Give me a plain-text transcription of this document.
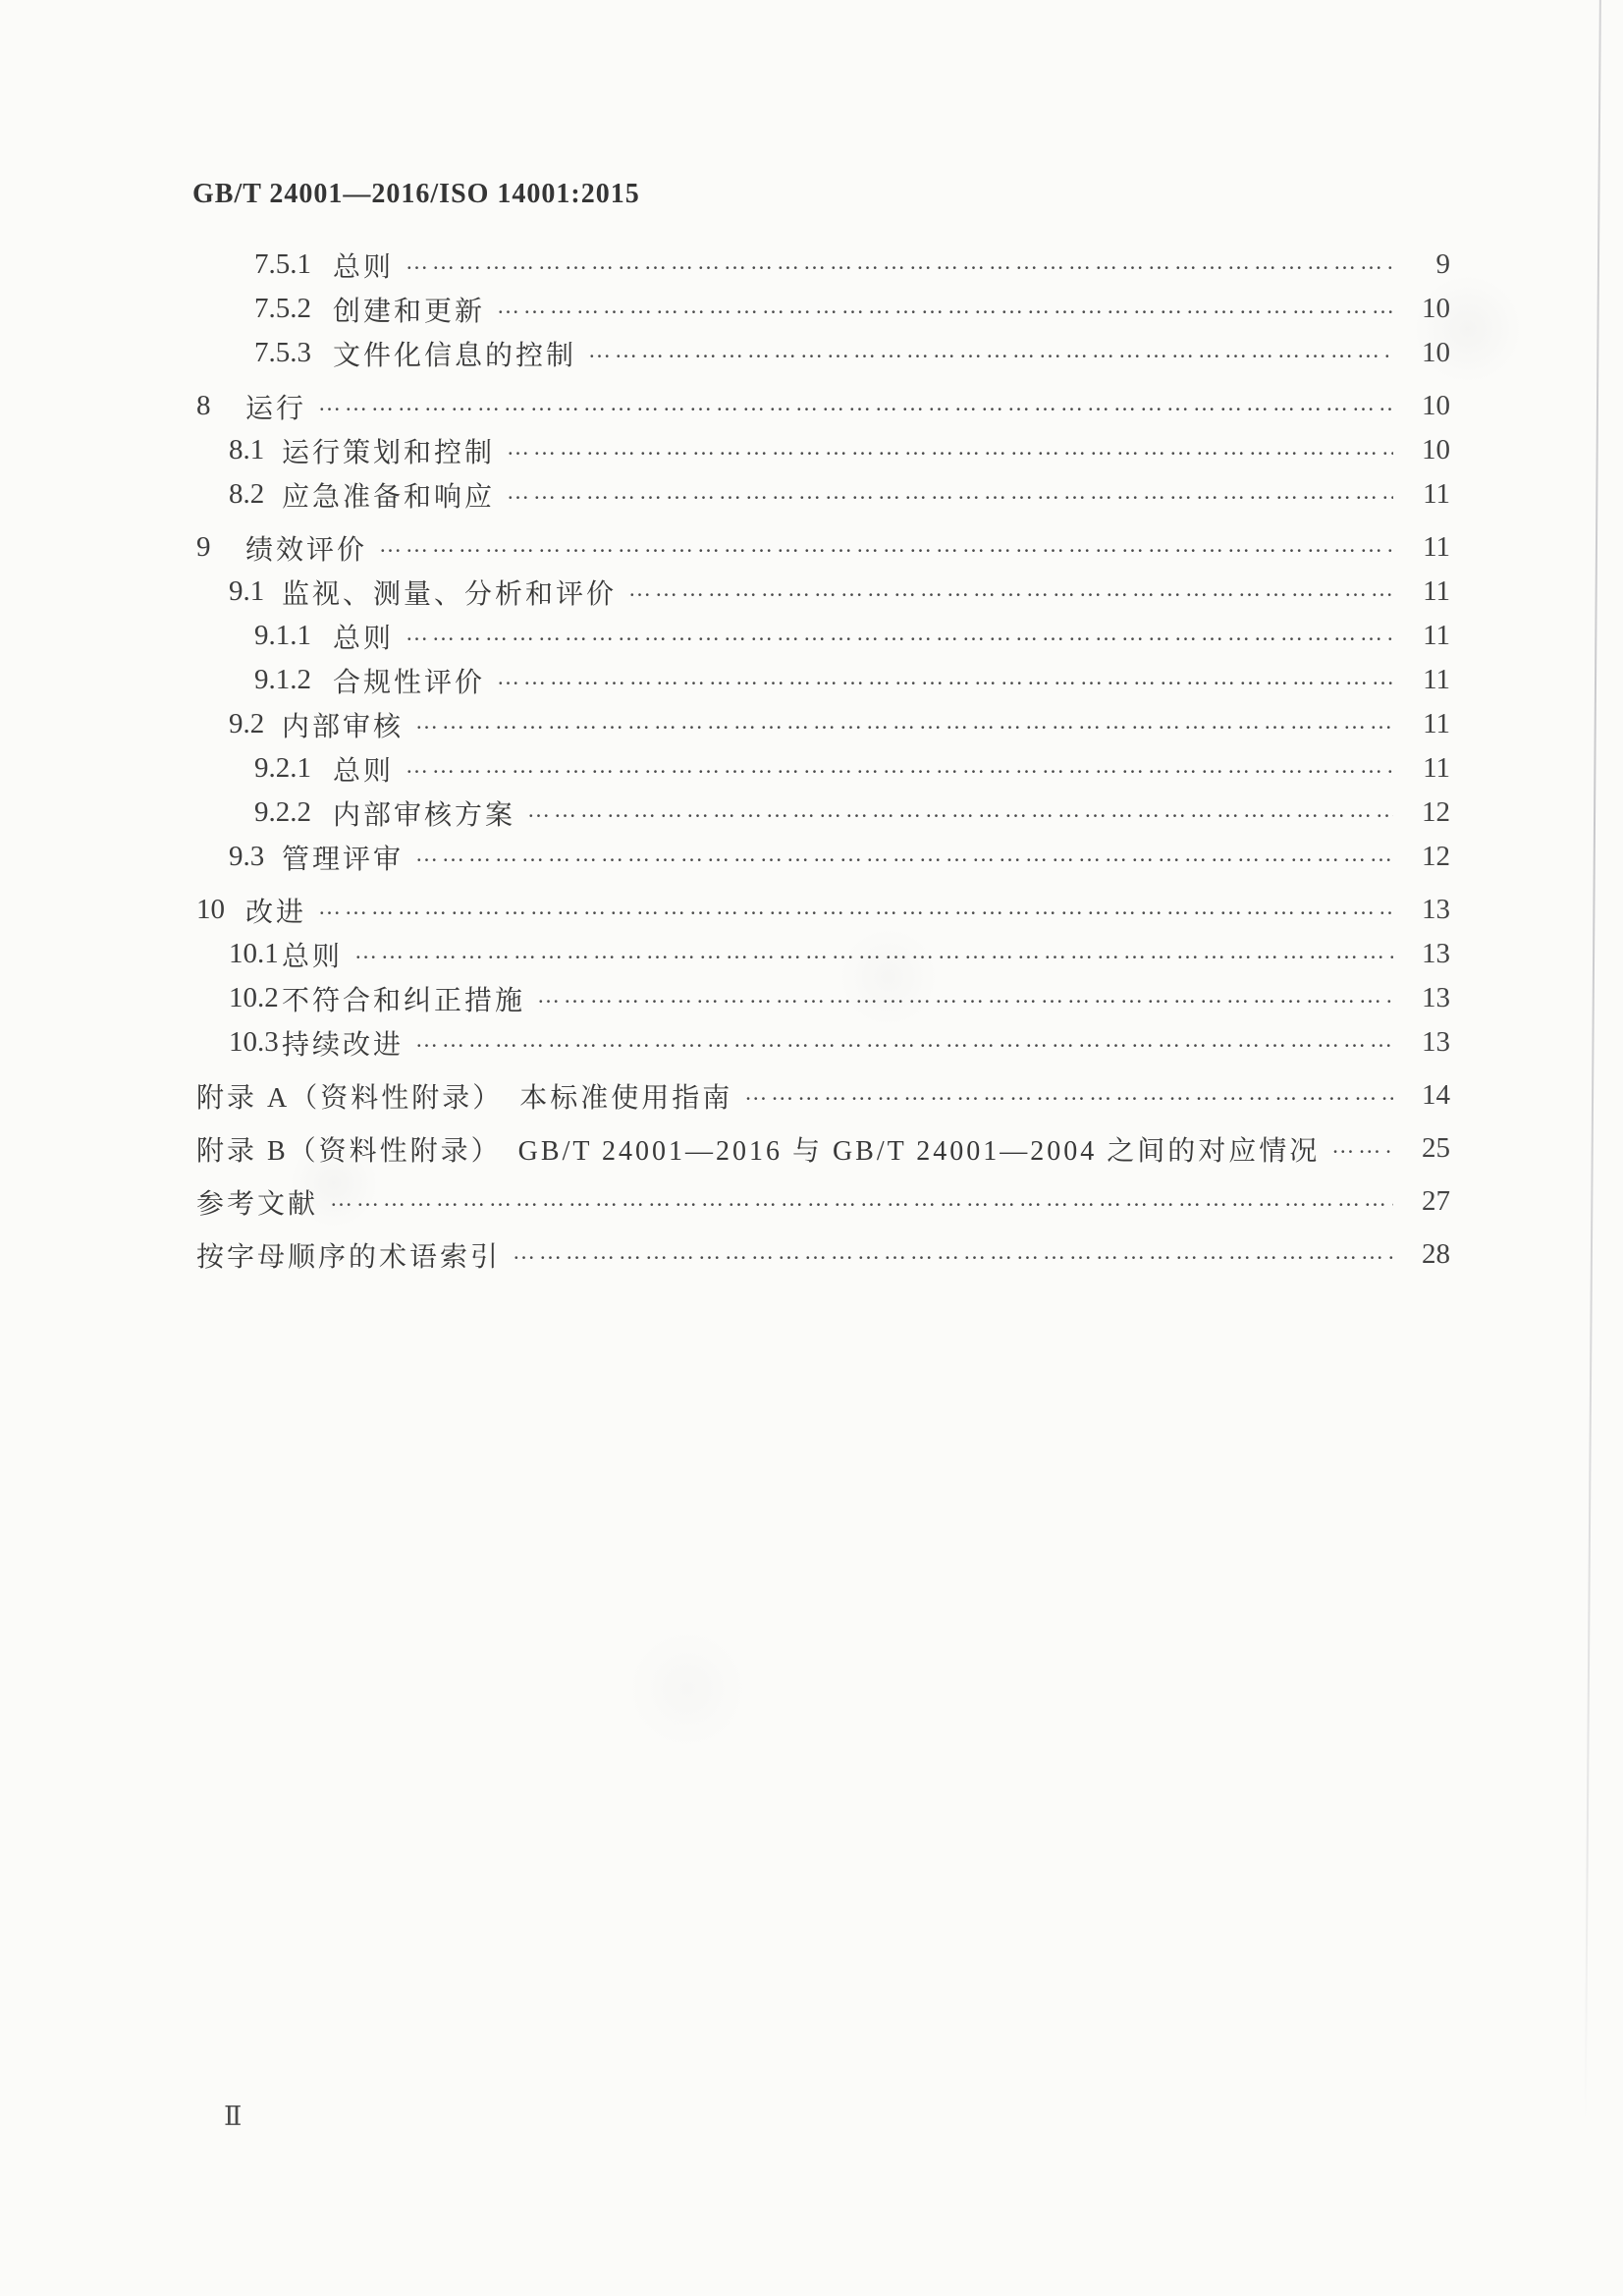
GB/T 24001—2016/ISO 14001:2015
7.5.1 总则 ………………………………………………………………………………………………………………………………………………………………………………………………………………………………	9
7.5.2 创建和更新 ………………………………………………………………………………………………………………………………………………………………………………………………………………………………	10
7.5.3 文件化信息的控制 ………………………………………………………………………………………………………………………………………………………………………………………………………………………………	10
8	运行 ………………………………………………………………………………………………………………………………………………………………………………………………………………………………	10
8.1 运行策划和控制 ………………………………………………………………………………………………………………………………………………………………………………………………………………………………	10
8.2 应急准备和响应 ………………………………………………………………………………………………………………………………………………………………………………………………………………………………	11
9	绩效评价 ………………………………………………………………………………………………………………………………………………………………………………………………………………………………	11
9.1 监视、测量、分析和评价 ………………………………………………………………………………………………………………………………………………………………………………………………………………………………	11
9.1.1 总则 ………………………………………………………………………………………………………………………………………………………………………………………………………………………………	11
9.1.2 合规性评价 ………………………………………………………………………………………………………………………………………………………………………………………………………………………………	11
9.2 内部审核 ………………………………………………………………………………………………………………………………………………………………………………………………………………………………	11
9.2.1 总则 ………………………………………………………………………………………………………………………………………………………………………………………………………………………………	11
9.2.2 内部审核方案 ………………………………………………………………………………………………………………………………………………………………………………………………………………………………	12
9.3 管理评审 ………………………………………………………………………………………………………………………………………………………………………………………………………………………………	12
10 改进 ………………………………………………………………………………………………………………………………………………………………………………………………………………………………	13
10.1 总则 ………………………………………………………………………………………………………………………………………………………………………………………………………………………………	13
10.2 不符合和纠正措施 ………………………………………………………………………………………………………………………………………………………………………………………………………………………………	13
10.3 持续改进 ………………………………………………………………………………………………………………………………………………………………………………………………………………………………	13
附录 A（资料性附录）　本标准使用指南 ………………………………………………………………………………………………………………………………………………………………………………………………………………………………	14
附录 B（资料性附录）　GB/T 24001—2016 与 GB/T 24001—2004 之间的对应情况 ………………………………………………………………………………………………………………………………………………………………………………………………………………………………	25
参考文献 ………………………………………………………………………………………………………………………………………………………………………………………………………………………………	27
按字母顺序的术语索引 ………………………………………………………………………………………………………………………………………………………………………………………………………………………………	28
Ⅱ
